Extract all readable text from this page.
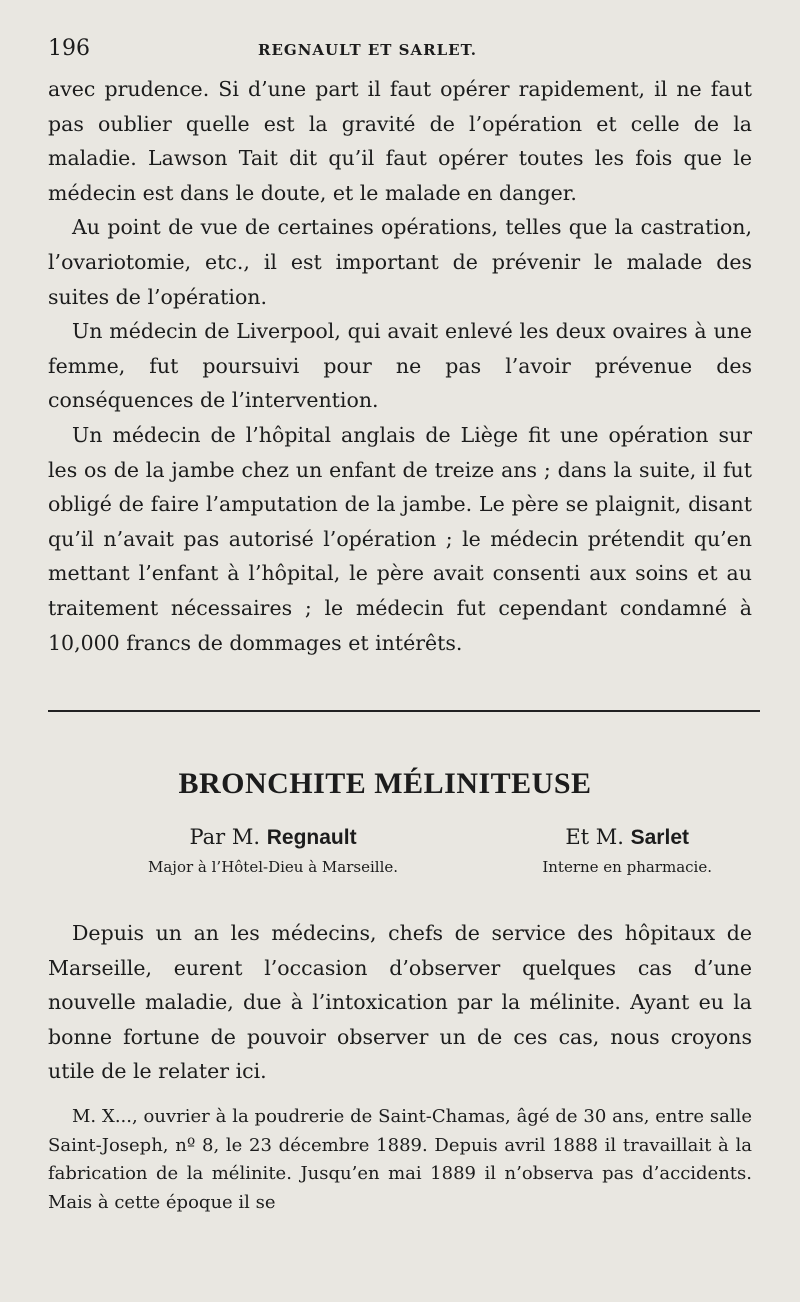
196	REGNAULT ET SARLET.

avec prudence. Si d’une part il faut opérer rapidement, il ne faut pas oublier quelle est la gravité de l’opération et celle de la maladie. Lawson Tait dit qu’il faut opérer toutes les fois que le médecin est dans le doute, et le malade en danger.

Au point de vue de certaines opérations, telles que la castration, l’ovariotomie, etc., il est important de prévenir le malade des suites de l’opération.

Un médecin de Liverpool, qui avait enlevé les deux ovaires à une femme, fut poursuivi pour ne pas l’avoir prévenue des conséquences de l’intervention.

Un médecin de l’hôpital anglais de Liège fit une opération sur les os de la jambe chez un enfant de treize ans ; dans la suite, il fut obligé de faire l’amputation de la jambe. Le père se plaignit, disant qu’il n’avait pas autorisé l’opération ; le médecin prétendit qu’en mettant l’enfant à l’hôpital, le père avait consenti aux soins et au traitement nécessaires ; le médecin fut cependant condamné à 10,000 francs de dommages et intérêts.

BRONCHITE MÉLINITEUSE
Par M. Regnault
Major à l’Hôtel-Dieu à Marseille.
Et M. Sarlet
Interne en pharmacie.

Depuis un an les médecins, chefs de service des hôpitaux de Marseille, eurent l’occasion d’observer quelques cas d’une nouvelle maladie, due à l’intoxication par la mélinite. Ayant eu la bonne fortune de pouvoir observer un de ces cas, nous croyons utile de le relater ici.

M. X..., ouvrier à la poudrerie de Saint-Chamas, âgé de 30 ans, entre salle Saint-Joseph, nº 8, le 23 décembre 1889. Depuis avril 1888 il travaillait à la fabrication de la mélinite. Jusqu’en mai 1889 il n’observa pas d’accidents. Mais à cette époque il se
